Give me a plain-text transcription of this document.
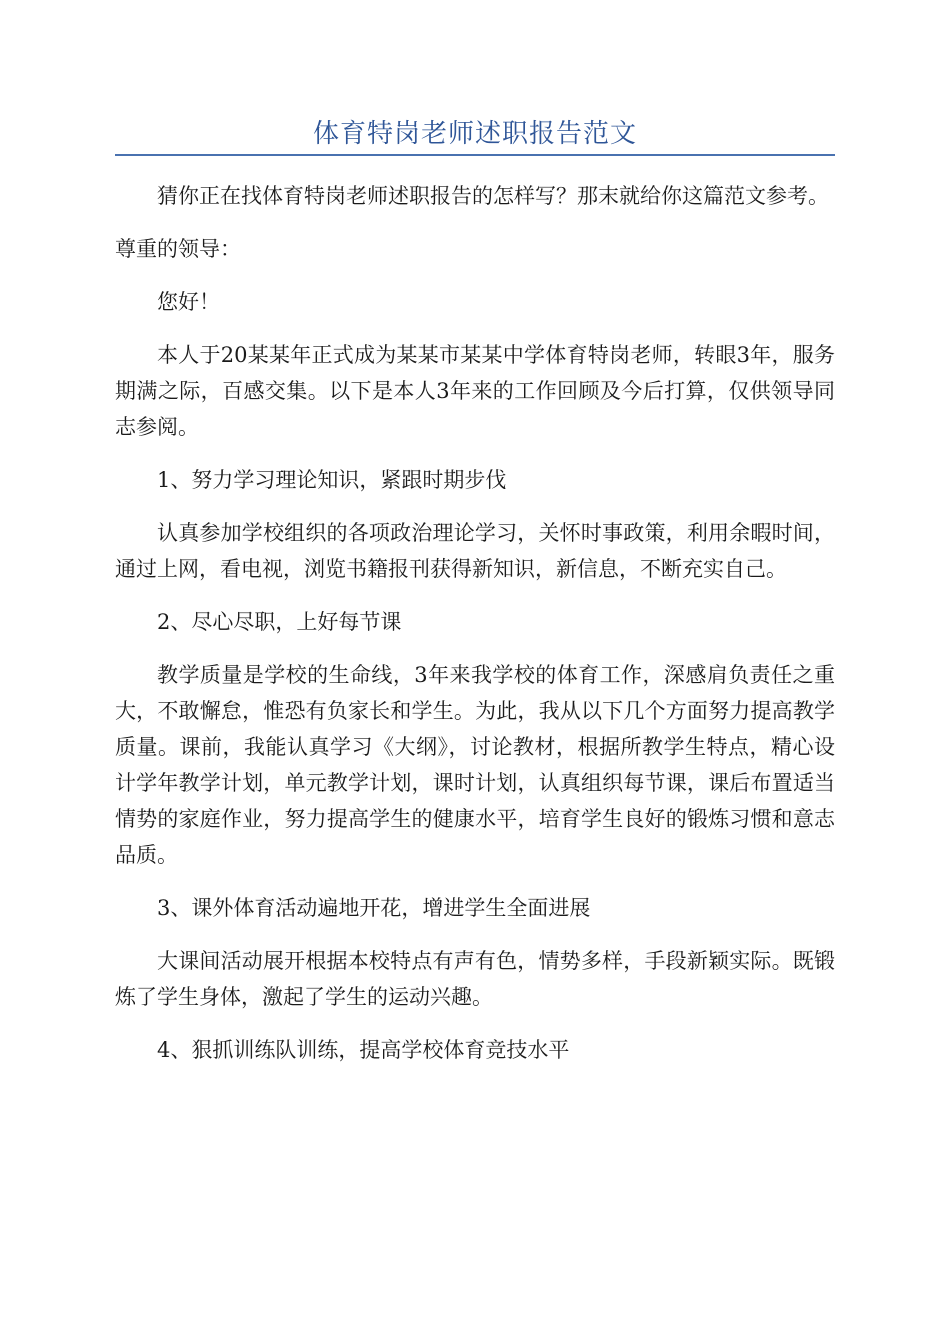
体育特岗老师述职报告范文

猜你正在找体育特岗老师述职报告的怎样写？那末就给你这篇范文参考。

尊重的领导：

您好！

本人于20某某年正式成为某某市某某中学体育特岗老师，转眼3年，服务期满之际，百感交集。以下是本人3年来的工作回顾及今后打算，仅供领导同志参阅。

1、努力学习理论知识，紧跟时期步伐

认真参加学校组织的各项政治理论学习，关怀时事政策，利用余暇时间，通过上网，看电视，浏览书籍报刊获得新知识，新信息，不断充实自己。

2、尽心尽职，上好每节课

教学质量是学校的生命线，3年来我学校的体育工作，深感肩负责任之重大，不敢懈怠，惟恐有负家长和学生。为此，我从以下几个方面努力提高教学质量。课前，我能认真学习《大纲》，讨论教材，根据所教学生特点，精心设计学年教学计划，单元教学计划，课时计划，认真组织每节课，课后布置适当情势的家庭作业，努力提高学生的健康水平，培育学生良好的锻炼习惯和意志品质。

3、课外体育活动遍地开花，增进学生全面进展

大课间活动展开根据本校特点有声有色，情势多样，手段新颖实际。既锻炼了学生身体，激起了学生的运动兴趣。

4、狠抓训练队训练，提高学校体育竞技水平
